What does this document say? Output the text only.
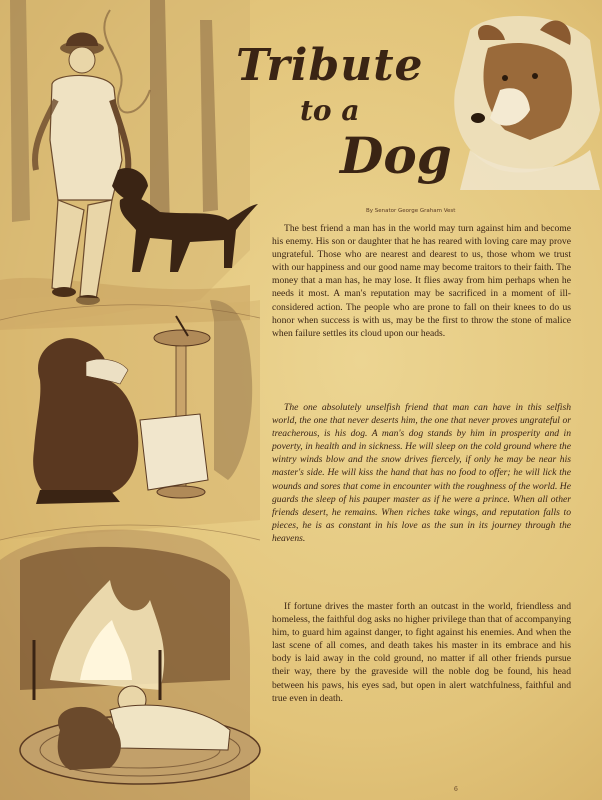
Tribute

to a

Dog

By Senator George Graham Vest

The best friend a man has in the world may turn against him and become his enemy. His son or daughter that he has reared with loving care may prove ungrateful. Those who are nearest and dearest to us, those whom we trust with our happiness and our good name may become traitors to their faith. The money that a man has, he may lose. It flies away from him perhaps when he needs it most. A man's reputation may be sacrificed in a moment of ill-considered action. The people who are prone to fall on their knees to do us honor when success is with us, may be the first to throw the stone of malice when failure settles its cloud upon our heads.

The one absolutely unselfish friend that man can have in this selfish world, the one that never deserts him, the one that never proves ungrateful or treacherous, is his dog. A man's dog stands by him in prosperity and in poverty, in health and in sickness. He will sleep on the cold ground where the wintry winds blow and the snow drives fiercely, if only he may be near his master's side. He will kiss the hand that has no food to offer; he will lick the wounds and sores that come in encounter with the roughness of the world. He guards the sleep of his pauper master as if he were a prince. When all other friends desert, he remains. When riches take wings, and reputation falls to pieces, he is as constant in his love as the sun in its journey through the heavens.

If fortune drives the master forth an outcast in the world, friendless and homeless, the faithful dog asks no higher privilege than that of accompanying him, to guard him against danger, to fight against his enemies. And when the last scene of all comes, and death takes his master in its embrace and his body is laid away in the cold ground, no matter if all other friends pursue their way, there by the graveside will the noble dog be found, his head between his paws, his eyes sad, but open in alert watchfulness, faithful and true even in death.

6
